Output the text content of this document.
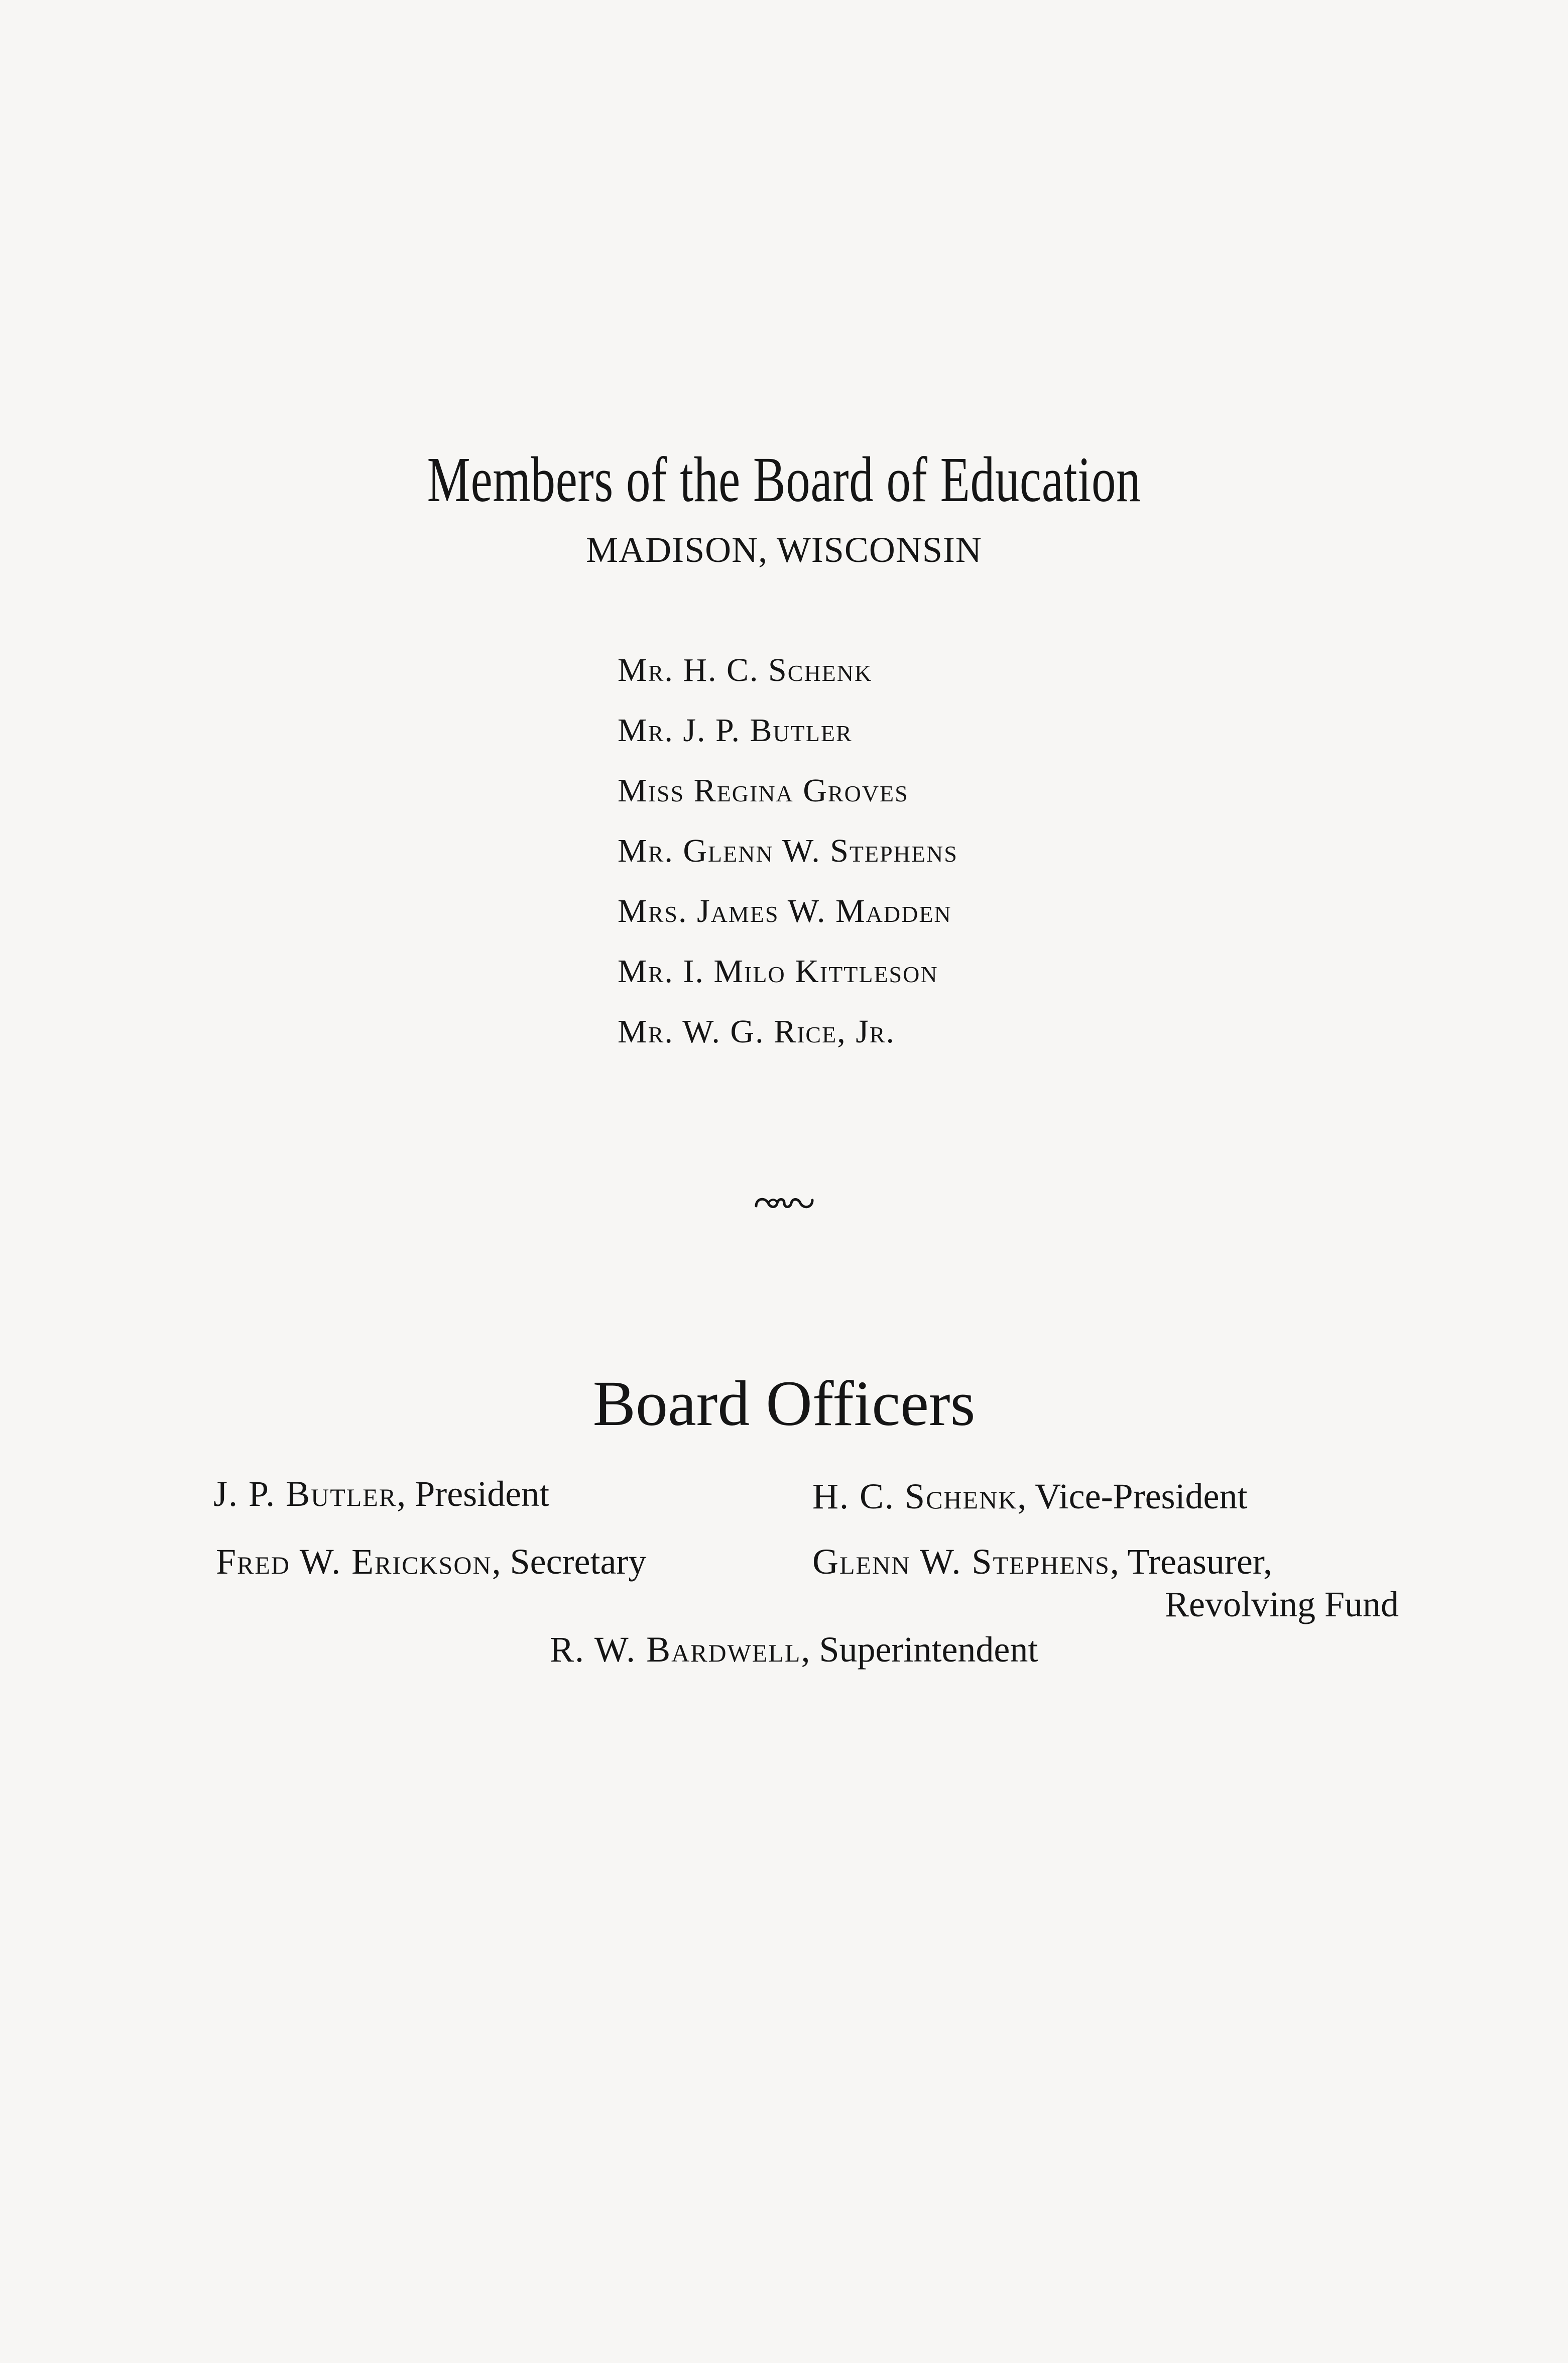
Members of the Board of Education
MADISON, WISCONSIN
Mr. H. C. Schenk
Mr. J. P. Butler
Miss Regina Groves
Mr. Glenn W. Stephens
Mrs. James W. Madden
Mr. I. Milo Kittleson
Mr. W. G. Rice, Jr.
Board Officers
J. P. Butler, President	H. C. Schenk, Vice-President
Fred W. Erickson, Secretary	Glenn W. Stephens, Treasurer,
Revolving Fund
R. W. Bardwell, Superintendent
